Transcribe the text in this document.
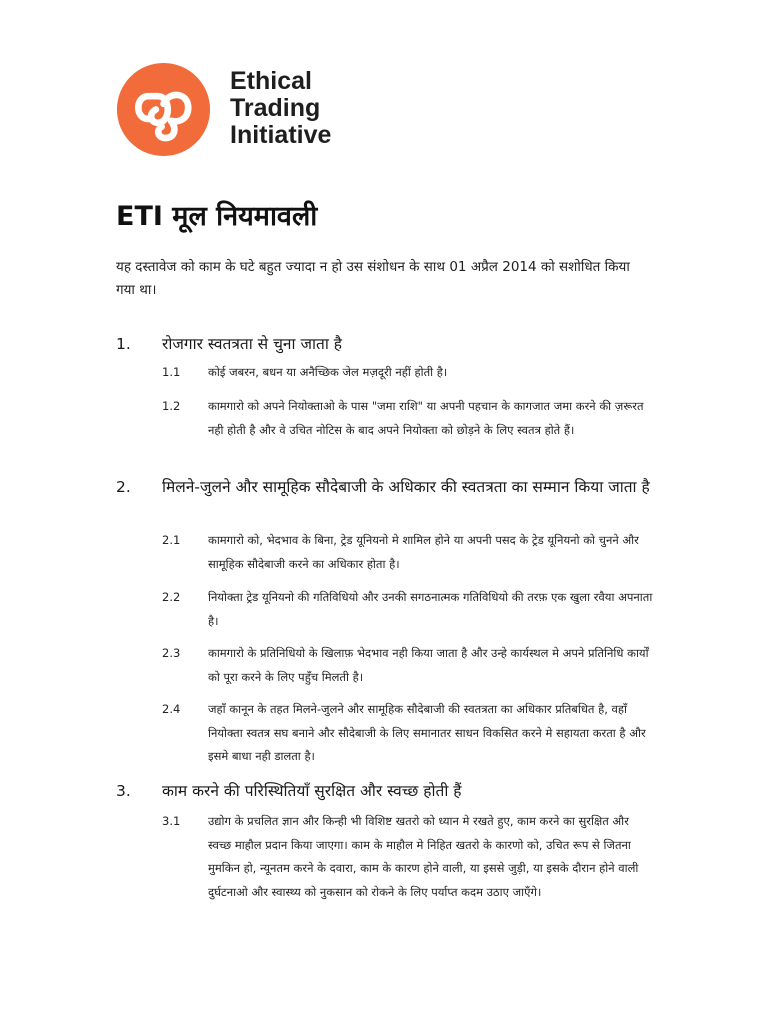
Ethical
Trading
Initiative
ETI मूल नियमावली

यह दस्तावेज को काम के घटे बहुत ज्यादा न हो उस संशोधन के साथ 01 अप्रैल 2014 को सशोधित किया गया था।

1.	रोजगार स्वतत्रता से चुना जाता है
1.1	कोई जबरन, बधन या अनैच्छिक जेल मज़दूरी नहीं होती है।
1.2	कामगारो को अपने नियोक्ताओ के पास "जमा राशि" या अपनी पहचान के कागजात जमा करने की ज़रूरत नही होती है और वे उचित नोटिस के बाद अपने नियोक्ता को छोड़ने के लिए स्वतत्र होते हैं।
2.	मिलने-जुलने और सामूहिक सौदेबाजी के अधिकार की स्वतत्रता का सम्मान किया जाता है
2.1	कामगारो को, भेदभाव के बिना, ट्रेड यूनियनो मे शामिल होने या अपनी पसद के ट्रेड यूनियनो को चुनने और सामूहिक सौदेबाजी करने का अधिकार होता है।
2.2	नियोक्ता ट्रेड यूनियनो की गतिविधियो और उनकी सगठनात्मक गतिविधियो की तरफ़ एक खुला रवैया अपनाता है।
2.3	कामगारो के प्रतिनिधियो के खिलाफ़ भेदभाव नही किया जाता है और उन्हे कार्यस्थल मे अपने प्रतिनिधि कार्यों को पूरा करने के लिए पहुँच मिलती है।
2.4	जहाँ कानून के तहत मिलने-जुलने और सामूहिक सौदेबाजी की स्वतत्रता का अधिकार प्रतिबधित है, वहाँ नियोक्ता स्वतत्र सघ बनाने और सौदेबाजी के लिए समानातर साधन विकसित करने मे सहायता करता है और इसमे बाधा नही डालता है।
3.	काम करने की परिस्थितियाँ सुरक्षित और स्वच्छ होती हैं
3.1	उद्योग के प्रचलित ज्ञान और किन्ही भी विशिष्ट खतरो को ध्यान मे रखते हुए, काम करने का सुरक्षित और स्वच्छ माहौल प्रदान किया जाएगा। काम के माहौल मे निहित खतरो के कारणो को, उचित रूप से जितना मुमकिन हो, न्यूनतम करने के दवारा, काम के कारण होने वाली, या इससे जुड़ी, या इसके दौरान होने वाली दुर्घटनाओ और स्वास्थ्य को नुकसान को रोकने के लिए पर्याप्त कदम उठाए जाएँगे।
